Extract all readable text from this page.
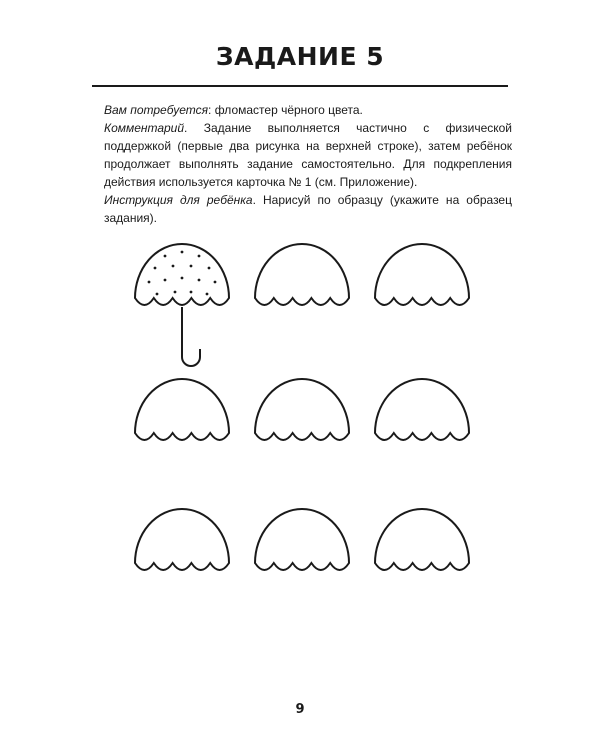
ЗАДАНИЕ 5

Вам потребуется: фломастер чёрного цвета.

Комментарий. Задание выполняется частично с физической поддержкой (первые два рисунка на верхней строке), затем ребёнок продолжает выполнять задание самостоятельно. Для подкрепления действия используется карточка № 1 (см. Приложение).

Инструкция для ребёнка. Нарисуй по образцу (укажите на образец задания).

9
